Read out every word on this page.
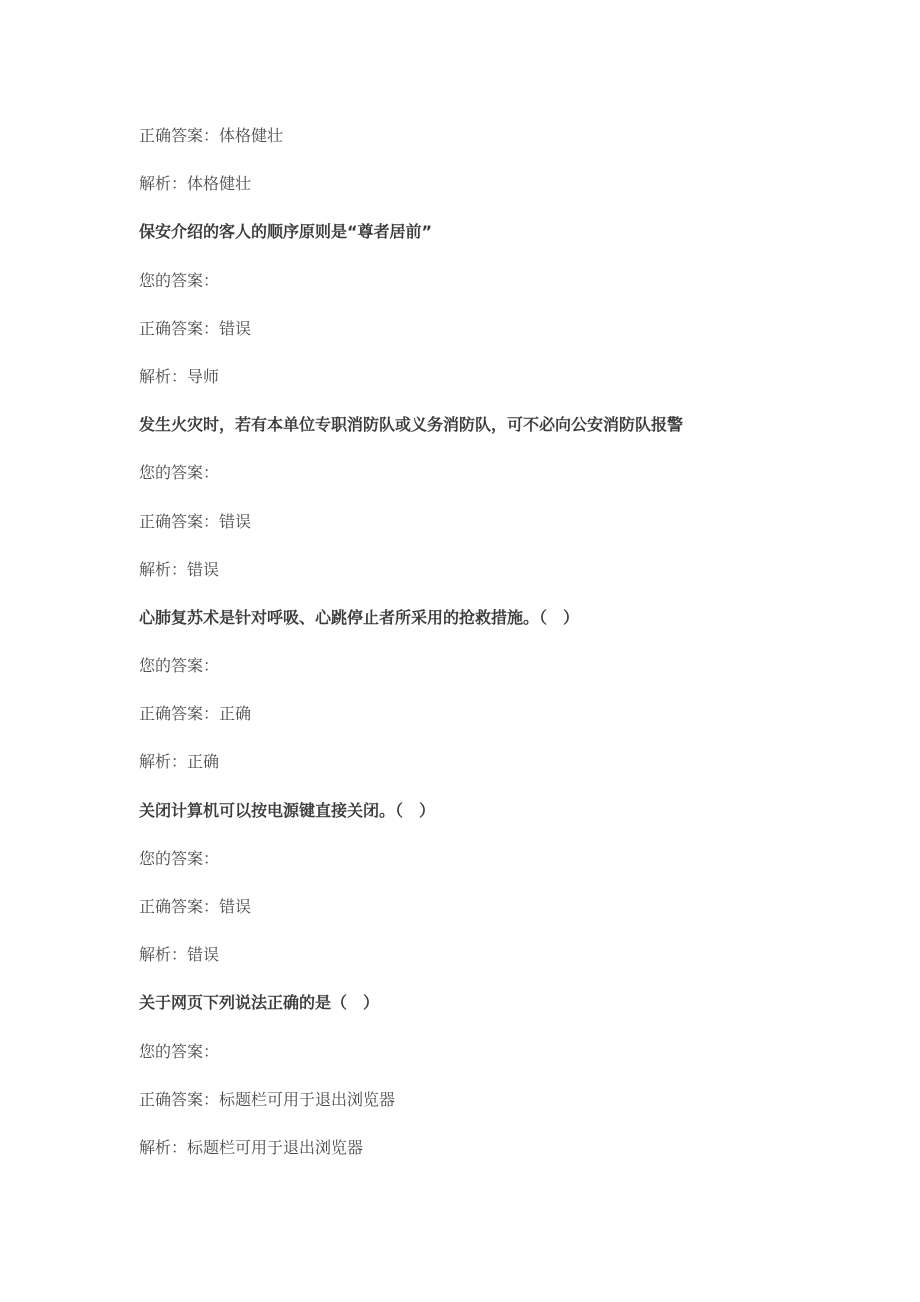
正确答案：体格健壮
解析：体格健壮
保安介绍的客人的顺序原则是“尊者居前”
您的答案：
正确答案：错误
解析：导师
发生火灾时，若有本单位专职消防队或义务消防队，可不必向公安消防队报警
您的答案：
正确答案：错误
解析：错误
心肺复苏术是针对呼吸、心跳停止者所采用的抢救措施。（　）
您的答案：
正确答案：正确
解析：正确
关闭计算机可以按电源键直接关闭。（　）
您的答案：
正确答案：错误
解析：错误
关于网页下列说法正确的是（　）
您的答案：
正确答案：标题栏可用于退出浏览器
解析：标题栏可用于退出浏览器
